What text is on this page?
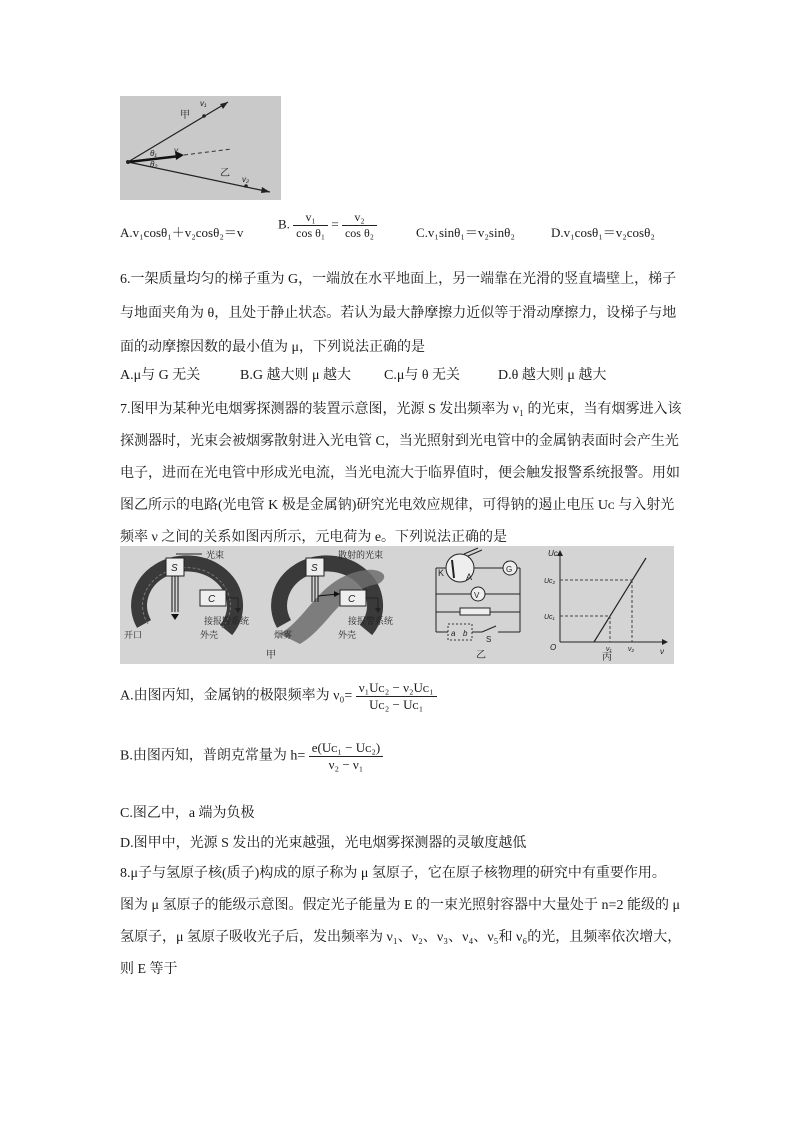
甲
v₁
v
θ₁
θ₂
乙
v₂
A.v₁cosθ₁＋v₂cosθ₂＝v
B. $\frac{\text{v₁}}{\text{cos θ₁}} = \frac{\text{v₂}}{\text{cos θ₂}}$	C.v₁sinθ₁＝v₂sinθ₂	D.v₁cosθ₁＝v₂cosθ₂
6.一架质量均匀的梯子重为 G，一端放在水平地面上，另一端靠在光滑的竖直墙壁上，梯子
与地面夹角为 θ，且处于静止状态。若认为最大静摩擦力近似等于滑动摩擦力，设梯子与地
面的动摩擦因数的最小值为 μ，下列说法正确的是
A.μ与 G 无关	B.G 越大则 μ 越大 C.μ与 θ 无关	D.θ 越大则 μ 越大
7.图甲为某种光电烟雾探测器的装置示意图，光源 S 发出频率为 ν₁ 的光束，当有烟雾进入该
探测器时，光束会被烟雾散射进入光电管 C，当光照射到光电管中的金属钠表面时会产生光
电子，进而在光电管中形成光电流，当光电流大于临界值时，便会触发报警系统报警。用如
图乙所示的电路(光电管 K 极是金属钠)研究光电效应规律，可得钠的遏止电压 Uᴄ 与入射光
频率 ν 之间的关系如图丙所示，元电荷为 e。下列说法正确的是
S
C
光束
接报警系统
开口	外壳
S
C
散射的光束
接报警系统
烟雾	外壳
甲
K A
G
V
a b
S
乙
Uᴄ
Uᴄ₂
Uᴄ₁
O	ν₁ ν₂	ν
丙
A.由图丙知，金属钠的极限频率为 $\nu_0= \frac{\text{ν₁Uᴄ₂ − ν₂Uᴄ₁}}{\text{Uᴄ₂ − Uᴄ₁}}$
B.由图丙知，普朗克常量为 $h= \frac{\text{e(Uᴄ₁ − Uᴄ₂)}}{\text{ν₂ − ν₁}}$
C.图乙中，a 端为负极
D.图甲中，光源 S 发出的光束越强，光电烟雾探测器的灵敏度越低
8.μ子与氢原子核(质子)构成的原子称为 μ 氢原子，它在原子核物理的研究中有重要作用。
图为 μ 氢原子的能级示意图。假定光子能量为 E 的一束光照射容器中大量处于 n=2 能级的 μ
氢原子，μ 氢原子吸收光子后，发出频率为 ν₁、ν₂、ν₃、ν₄、ν₅和 ν₆的光，且频率依次增大，
则 E 等于
